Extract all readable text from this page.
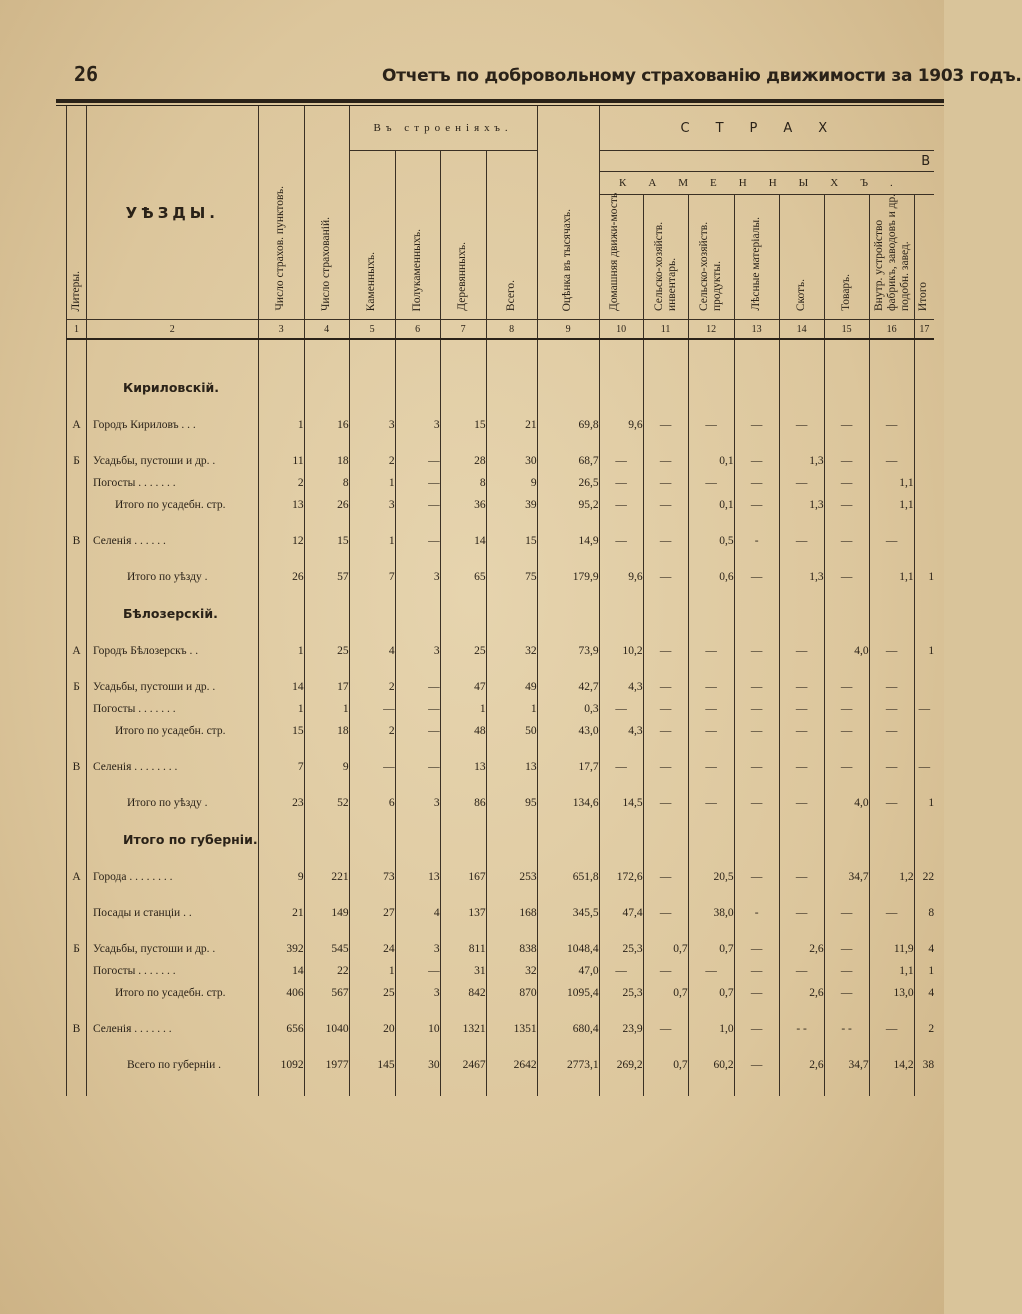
26	Отчетъ по добровольному страхованію движимости за 1903 годъ.
Литеры.	УѢЗДЫ.	Число страхов. пунктовъ.	Число страхованій.	Въ строеніяхъ.				Оцѣнка въ тысячахъ.	СТРАХ							

				Каменныхъ.	Полукаменныхъ.	Деревянныхъ.	Всего.		В							
									КАМЕННЫХЪ.							

									Домашняя движи-мость	Сельско-хозяйств. инвентарь.	Сельско-хозяйств. продукты.	Лѣсные матеріалы.	Скотъ.	Товаръ.	Внутр. устройство фабрикъ, заводовъ и др. подобн. завед.	Итого

1	2	3	4	5	6	7	8	9	10	11	12	13	14	15	16	17

	Кириловскій.															

А	Городъ Кириловъ . . .	1	16	3	3	15	21	69,8	9,6	—	—	—	—	—	—	

Б	Усадьбы, пустоши и др. .	11	18	2	—	28	30	68,7	—	—	0,1	—	1,3	—	—	
	Погосты . . . . . . .	2	8	1	—	8	9	26,5	—	—	—	—	—	—	1,1	
	Итого по усадебн. стр.	13	26	3	—	36	39	95,2	—	—	0,1	—	1,3	—	1,1	

В	Селенія . . . . . .	12	15	1	—	14	15	14,9	—	—	0,5	-	—	—	—	

	Итого по уѣзду .	26	57	7	3	65	75	179,9	9,6	—	0,6	—	1,3	—	1,1	1

	Бѣлозерскій.															

А	Городъ Бѣлозерскъ . .	1	25	4	3	25	32	73,9	10,2	—	—	—	—	4,0	—	1

Б	Усадьбы, пустоши и др. .	14	17	2	—	47	49	42,7	4,3	—	—	—	—	—	—	
	Погосты . . . . . . .	1	1	—	—	1	1	0,3	—	—	—	—	—	—	—	—
	Итого по усадебн. стр.	15	18	2	—	48	50	43,0	4,3	—	—	—	—	—	—	

В	Селенія . . . . . . . .	7	9	—	—	13	13	17,7	—	—	—	—	—	—	—	—

	Итого по уѣзду .	23	52	6	3	86	95	134,6	14,5	—	—	—	—	4,0	—	1

	Итого по губерніи.															

А	Города . . . . . . . .	9	221	73	13	167	253	651,8	172,6	—	20,5	—	—	34,7	1,2	22

	Посады и станціи . .	21	149	27	4	137	168	345,5	47,4	—	38,0	-	—	—	—	8

Б	Усадьбы, пустоши и др. .	392	545	24	3	811	838	1048,4	25,3	0,7	0,7	—	2,6	—	11,9	4
	Погосты . . . . . . .	14	22	1	—	31	32	47,0	—	—	—	—	—	—	1,1	1
	Итого по усадебн. стр.	406	567	25	3	842	870	1095,4	25,3	0,7	0,7	—	2,6	—	13,0	4

В	Селенія . . . . . . .	656	1040	20	10	1321	1351	680,4	23,9	—	1,0	—	- -	- -	—	2

	Всего по губерніи .	1092	1977	145	30	2467	2642	2773,1	269,2	0,7	60,2	—	2,6	34,7	14,2	38
